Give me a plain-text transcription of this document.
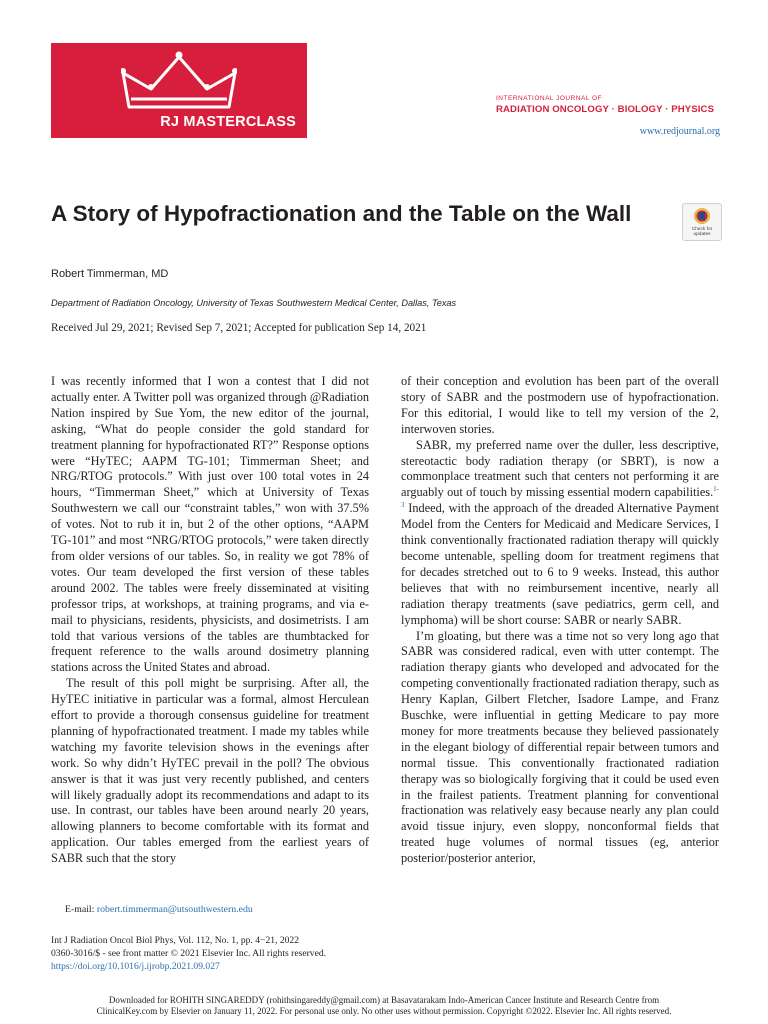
RJ MASTERCLASS
INTERNATIONAL JOURNAL OF
RADIATION ONCOLOGY · BIOLOGY · PHYSICS
www.redjournal.org
A Story of Hypofractionation and the Table on the Wall
Check for
updates
Robert Timmerman, MD
Department of Radiation Oncology, University of Texas Southwestern Medical Center, Dallas, Texas
Received Jul 29, 2021; Revised Sep 7, 2021; Accepted for publication Sep 14, 2021

I was recently informed that I won a contest that I did not actually enter. A Twitter poll was organized through @Radiation Nation inspired by Sue Yom, the new editor of the journal, asking, “What do people consider the gold standard for treatment planning for hypofractionated RT?” Response options were “HyTEC; AAPM TG-101; Timmerman Sheet; and NRG/RTOG protocols.” With just over 100 total votes in 24 hours, “Timmerman Sheet,” which at University of Texas Southwestern we call our “constraint tables,” won with 37.5% of votes. Not to rub it in, but 2 of the other options, “AAPM TG-101” and most “NRG/RTOG protocols,” were taken directly from older versions of our tables. So, in reality we got 78% of votes. Our team developed the first version of these tables around 2002. The tables were freely disseminated at visiting professor trips, at workshops, at training programs, and via e-mail to physicians, residents, physicists, and dosimetrists. I am told that various versions of the tables are thumbtacked for frequent reference to the walls around dosimetry planning stations across the United States and abroad.

The result of this poll might be surprising. After all, the HyTEC initiative in particular was a formal, almost Herculean effort to provide a thorough consensus guideline for treatment planning of hypofractionated treatment. I made my tables while watching my favorite television shows in the evenings after work. So why didn’t HyTEC prevail in the poll? The obvious answer is that it was just very recently published, and centers will likely gradually adopt its recommendations and adapt to its use. In contrast, our tables have been around nearly 20 years, allowing planners to become comfortable with its format and application. Our tables emerged from the earliest years of SABR such that the story

of their conception and evolution has been part of the overall story of SABR and the postmodern use of hypofractionation. For this editorial, I would like to tell my version of the 2, interwoven stories.

SABR, my preferred name over the duller, less descriptive, stereotactic body radiation therapy (or SBRT), is now a commonplace treatment such that centers not performing it are arguably out of touch by missing essential modern capabilities.$^{1-3}$ Indeed, with the approach of the dreaded Alternative Payment Model from the Centers for Medicaid and Medicare Services, I think conventionally fractionated radiation therapy will quickly become untenable, spelling doom for treatment regimens that for decades stretched out to 6 to 9 weeks. Instead, this author believes that with no reimbursement incentive, nearly all radiation therapy treatments (save pediatrics, germ cell, and lymphoma) will be short course: SABR or nearly SABR.

I’m gloating, but there was a time not so very long ago that SABR was considered radical, even with utter contempt. The radiation therapy giants who developed and advocated for the competing conventionally fractionated radiation therapy, such as Henry Kaplan, Gilbert Fletcher, Isadore Lampe, and Franz Buschke, were influential in getting Medicare to pay more money for more treatments because they believed passionately in the elegant biology of differential repair between tumors and normal tissue. This conventionally fractionated radiation therapy was so biologically forgiving that it could be used even in the frailest patients. Treatment planning for conventional fractionation was relatively easy because nearly any plan could avoid tissue injury, even sloppy, nonconformal fields that treated huge volumes of normal tissues (eg, anterior posterior/posterior anterior,

E-mail: robert.timmerman@utsouthwestern.edu
Int J Radiation Oncol Biol Phys, Vol. 112, No. 1, pp. 4−21, 2022
0360-3016/$ - see front matter © 2021 Elsevier Inc. All rights reserved.
https://doi.org/10.1016/j.ijrobp.2021.09.027
Downloaded for ROHITH SINGAREDDY (rohithsingareddy@gmail.com) at Basavatarakam Indo-American Cancer Institute and Research Centre from
ClinicalKey.com by Elsevier on January 11, 2022. For personal use only. No other uses without permission. Copyright ©2022. Elsevier Inc. All rights reserved.
